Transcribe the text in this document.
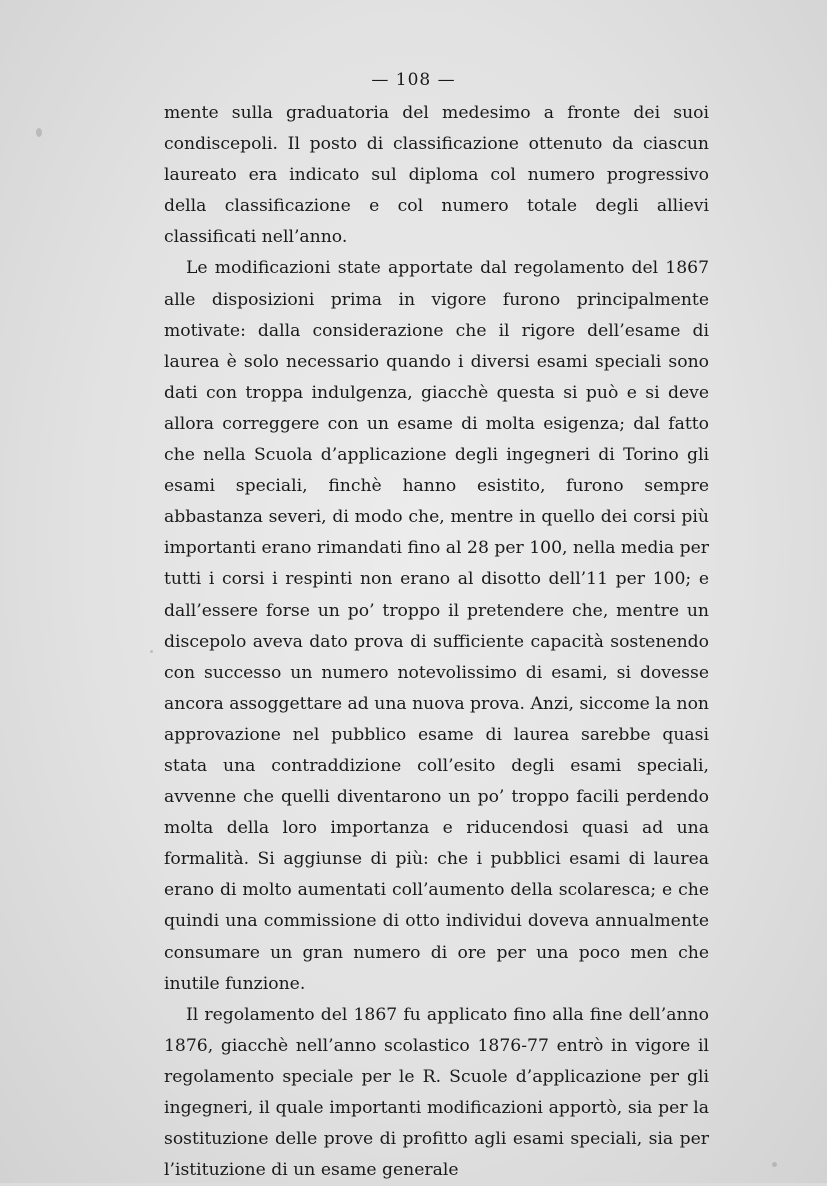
— 108 —

mente sulla graduatoria del medesimo a fronte dei suoi condiscepoli. Il posto di classificazione ottenuto da ciascun laureato era indicato sul diploma col numero progressivo della classificazione e col numero totale degli allievi classificati nell’anno.

Le modificazioni state apportate dal regolamento del 1867 alle disposizioni prima in vigore furono principalmente motivate: dalla considerazione che il rigore dell’esame di laurea è solo necessario quando i diversi esami speciali sono dati con troppa indulgenza, giacchè questa si può e si deve allora correggere con un esame di molta esigenza; dal fatto che nella Scuola d’applicazione degli ingegneri di Torino gli esami speciali, finchè hanno esistito, furono sempre abbastanza severi, di modo che, mentre in quello dei corsi più importanti erano rimandati fino al 28 per 100, nella media per tutti i corsi i respinti non erano al disotto dell’11 per 100; e dall’essere forse un po’ troppo il pretendere che, mentre un discepolo aveva dato prova di sufficiente capacità sostenendo con successo un numero notevolissimo di esami, si dovesse ancora assoggettare ad una nuova prova. Anzi, siccome la non approvazione nel pubblico esame di laurea sarebbe quasi stata una contraddizione coll’esito degli esami speciali, avvenne che quelli diventarono un po’ troppo facili perdendo molta della loro importanza e riducendosi quasi ad una formalità. Si aggiunse di più: che i pubblici esami di laurea erano di molto aumentati coll’aumento della scolaresca; e che quindi una commissione di otto individui doveva annualmente consumare un gran numero di ore per una poco men che inutile funzione.

Il regolamento del 1867 fu applicato fino alla fine dell’anno 1876, giacchè nell’anno scolastico 1876-77 entrò in vigore il regolamento speciale per le R. Scuole d’applicazione per gli ingegneri, il quale importanti modificazioni apportò, sia per la sostituzione delle prove di profitto agli esami speciali, sia per l’istituzione di un esame generale
